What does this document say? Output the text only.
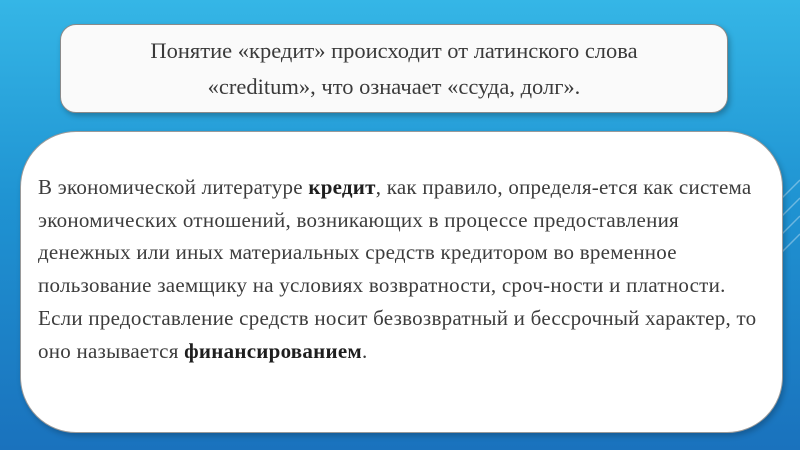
Понятие «кредит» происходит от латинского слова
«creditum», что означает «ссуда, долг».

В экономической литературе кредит, как правило, определя-ется как система экономических отношений, возникающих в процессе предоставления денежных или иных материальных средств кредитором во временное пользование заемщику на условиях возвратности, сроч-ности и платности. Если предоставление средств носит безвозвратный и бессрочный характер, то оно называется финансированием.
